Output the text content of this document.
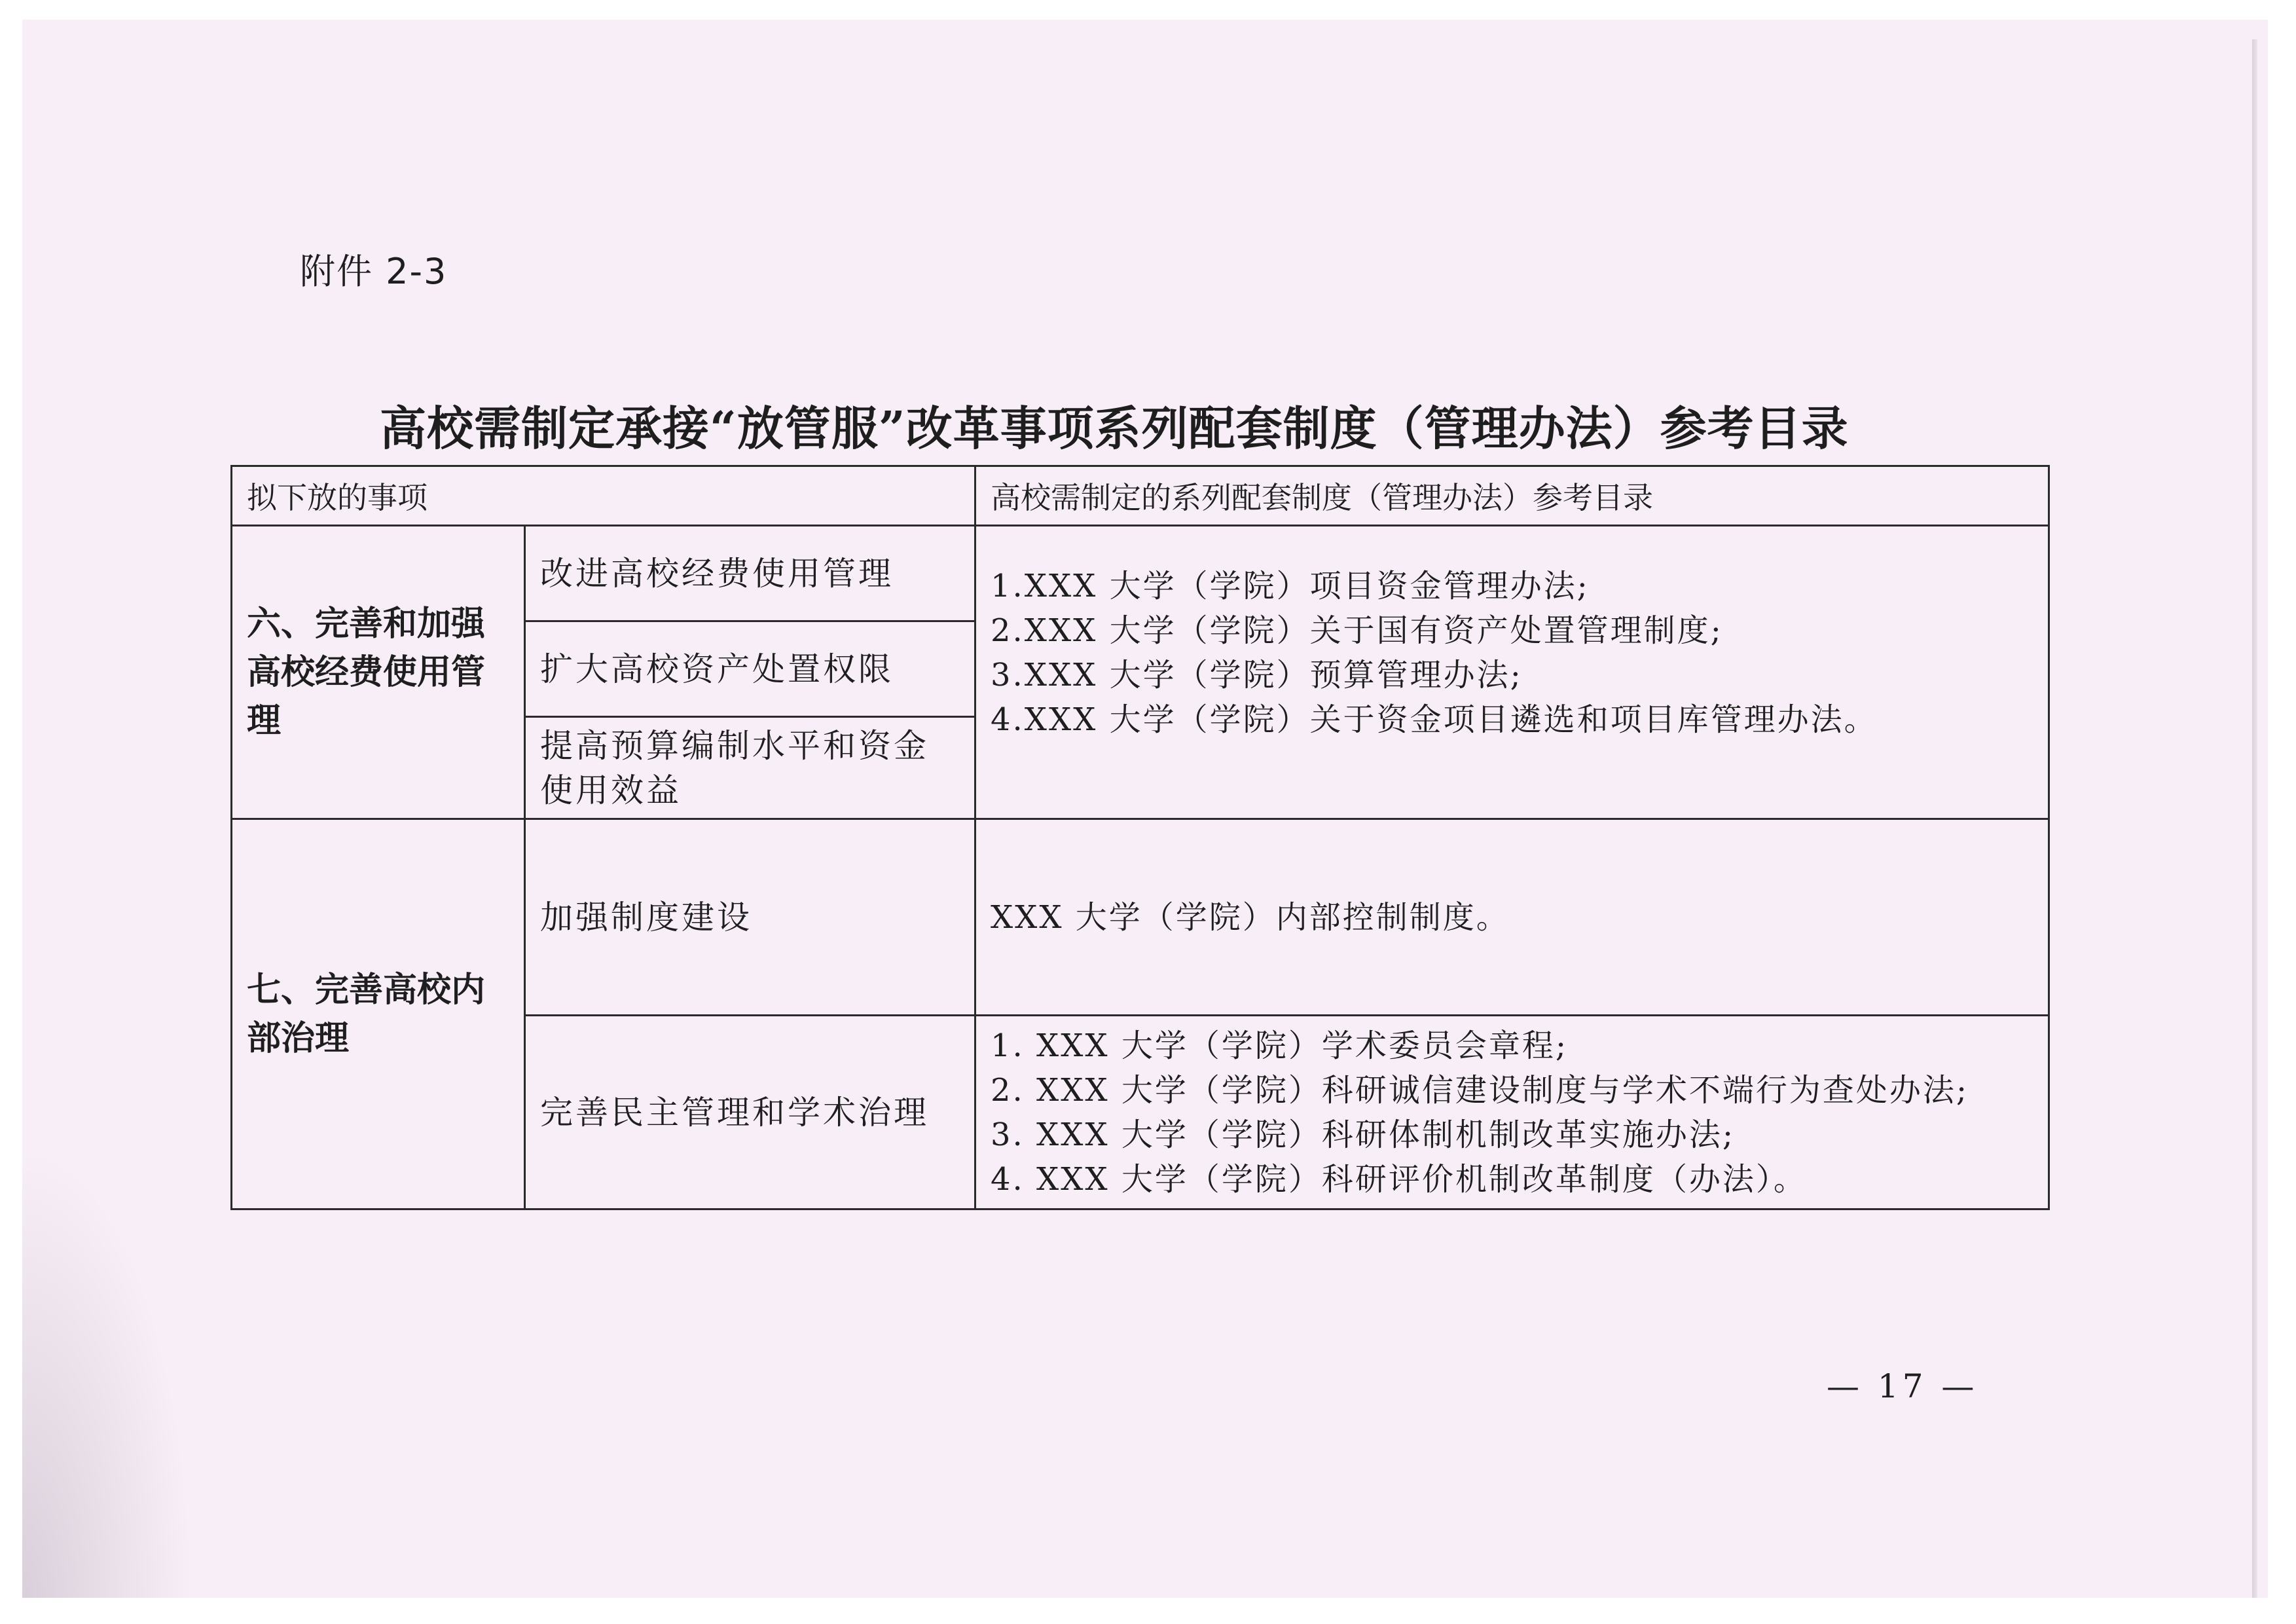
附件 2-3
高校需制定承接“放管服”改革事项系列配套制度（管理办法）参考目录
拟下放的事项		高校需制定的系列配套制度（管理办法）参考目录
六、完善和加强高校经费使用管理	改进高校经费使用管理	1.XXX 大学（学院）项目资金管理办法;
2.XXX 大学（学院）关于国有资产处置管理制度;
3.XXX 大学（学院）预算管理办法;
4.XXX 大学（学院）关于资金项目遴选和项目库管理办法。

	扩大高校资产处置权限	
	提高预算编制水平和资金使用效益	
七、完善高校内部治理	加强制度建设	XXX 大学（学院）内部控制制度。
	完善民主管理和学术治理	1. XXX 大学（学院）学术委员会章程;
2. XXX 大学（学院）科研诚信建设制度与学术不端行为查处办法;
3. XXX 大学（学院）科研体制机制改革实施办法;
4. XXX 大学（学院）科研评价机制改革制度（办法）。
— 17 —
